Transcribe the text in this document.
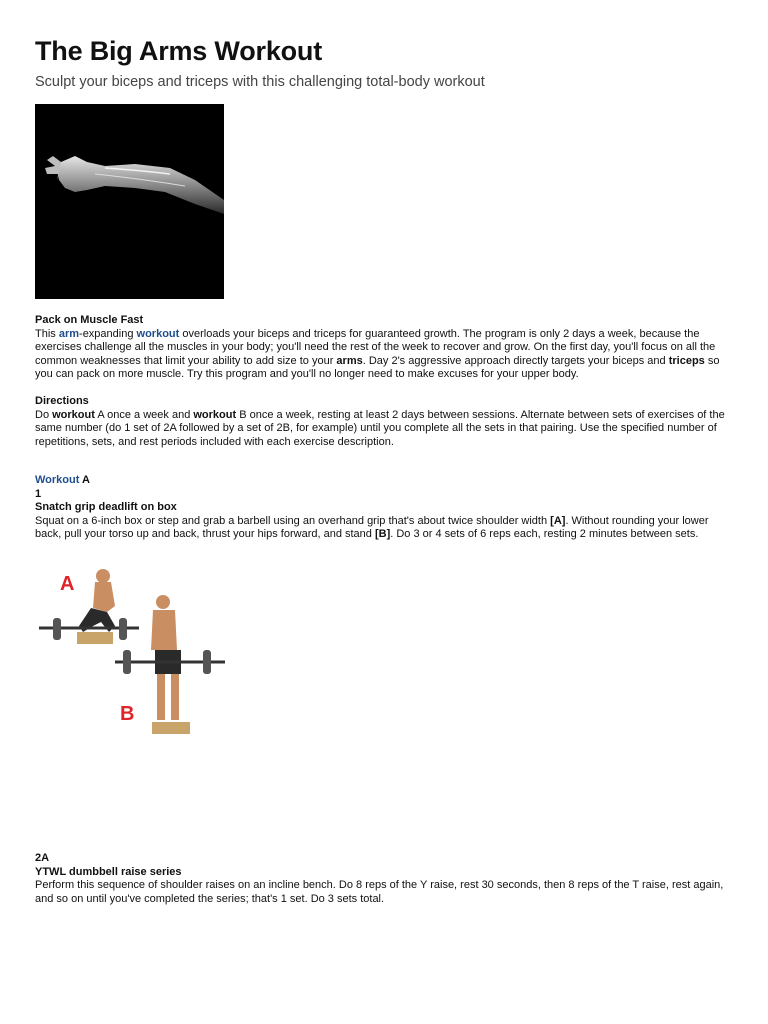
The Big Arms Workout

Sculpt your biceps and triceps with this challenging total-body workout

Pack on Muscle Fast

This arm-expanding workout overloads your biceps and triceps for guaranteed growth. The program is only 2 days a week, because the exercises challenge all the muscles in your body; you'll need the rest of the week to recover and grow. On the first day, you'll focus on all the common weaknesses that limit your ability to add size to your arms. Day 2's aggressive approach directly targets your biceps and triceps so you can pack on more muscle. Try this program and you'll no longer need to make excuses for your upper body.

Directions

Do workout A once a week and workout B once a week, resting at least 2 days between sessions. Alternate between sets of exercises of the same number (do 1 set of 2A followed by a set of 2B, for example) until you complete all the sets in that pairing. Use the specified number of repetitions, sets, and rest periods included with each exercise description.

Workout A

1

Snatch grip deadlift on box

Squat on a 6-inch box or step and grab a barbell using an overhand grip that's about twice shoulder width [A]. Without rounding your lower back, pull your torso up and back, thrust your hips forward, and stand [B]. Do 3 or 4 sets of 6 reps each, resting 2 minutes between sets.

A
B

2A

YTWL dumbbell raise series

Perform this sequence of shoulder raises on an incline bench. Do 8 reps of the Y raise, rest 30 seconds, then 8 reps of the T raise, rest again, and so on until you've completed the series; that's 1 set. Do 3 sets total.
